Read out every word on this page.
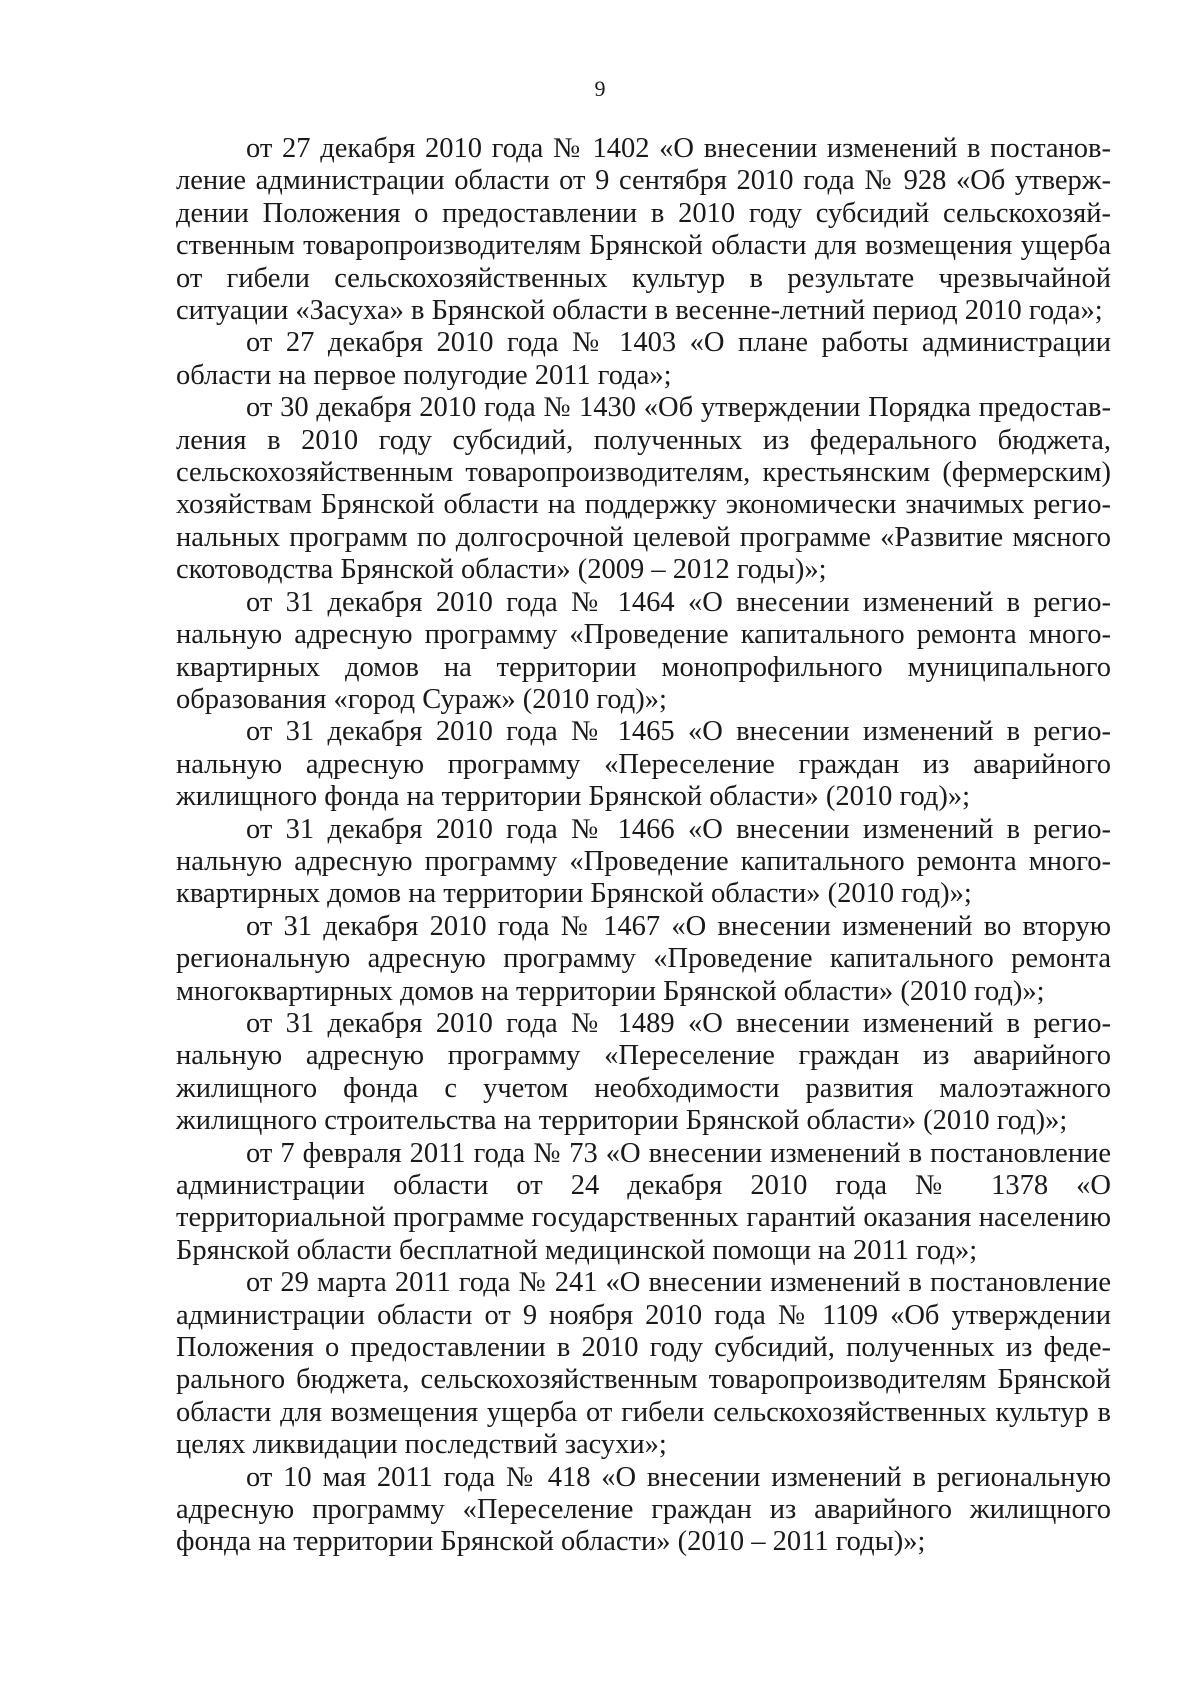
9

от 27 декабря 2010 года № 1402 «О внесении изменений в постановление администрации области от 9 сентября 2010 года № 928 «Об утверждении Положения о предоставлении в 2010 году субсидий сельскохозяйственным товаропроизводителям Брянской области для возмещения ущерба от гибели сельскохозяйственных культур в результате чрезвычайной ситуации «Засуха» в Брянской области в весенне-летний период 2010 года»;

от 27 декабря 2010 года № 1403 «О плане работы администрации области на первое полугодие 2011 года»;

от 30 декабря 2010 года № 1430 «Об утверждении Порядка предоставления в 2010 году субсидий, полученных из федерального бюджета, сельскохозяйственным товаропроизводителям, крестьянским (фермерским) хозяйствам Брянской области на поддержку экономически значимых региональных программ по долгосрочной целевой программе «Развитие мясного скотоводства Брянской области» (2009 – 2012 годы)»;

от 31 декабря 2010 года № 1464 «О внесении изменений в региональную адресную программу «Проведение капитального ремонта многоквартирных домов на территории монопрофильного муниципального образования «город Сураж» (2010 год)»;

от 31 декабря 2010 года № 1465 «О внесении изменений в региональную адресную программу «Переселение граждан из аварийного жилищного фонда на территории Брянской области» (2010 год)»;

от 31 декабря 2010 года № 1466 «О внесении изменений в региональную адресную программу «Проведение капитального ремонта многоквартирных домов на территории Брянской области» (2010 год)»;

от 31 декабря 2010 года № 1467 «О внесении изменений во вторую региональную адресную программу «Проведение капитального ремонта многоквартирных домов на территории Брянской области» (2010 год)»;

от 31 декабря 2010 года № 1489 «О внесении изменений в региональную адресную программу «Переселение граждан из аварийного жилищного фонда с учетом необходимости развития малоэтажного жилищного строительства на территории Брянской области» (2010 год)»;

от 7 февраля 2011 года № 73 «О внесении изменений в постановление администрации области от 24 декабря 2010 года № 1378 «О территориальной программе государственных гарантий оказания населению Брянской области бесплатной медицинской помощи на 2011 год»;

от 29 марта 2011 года № 241 «О внесении изменений в постановление администрации области от 9 ноября 2010 года № 1109 «Об утверждении Положения о предоставлении в 2010 году субсидий, полученных из федерального бюджета, сельскохозяйственным товаропроизводителям Брянской области для возмещения ущерба от гибели сельскохозяйственных культур в целях ликвидации последствий засухи»;

от 10 мая 2011 года № 418 «О внесении изменений в региональную адресную программу «Переселение граждан из аварийного жилищного фонда на территории Брянской области» (2010 – 2011 годы)»;
